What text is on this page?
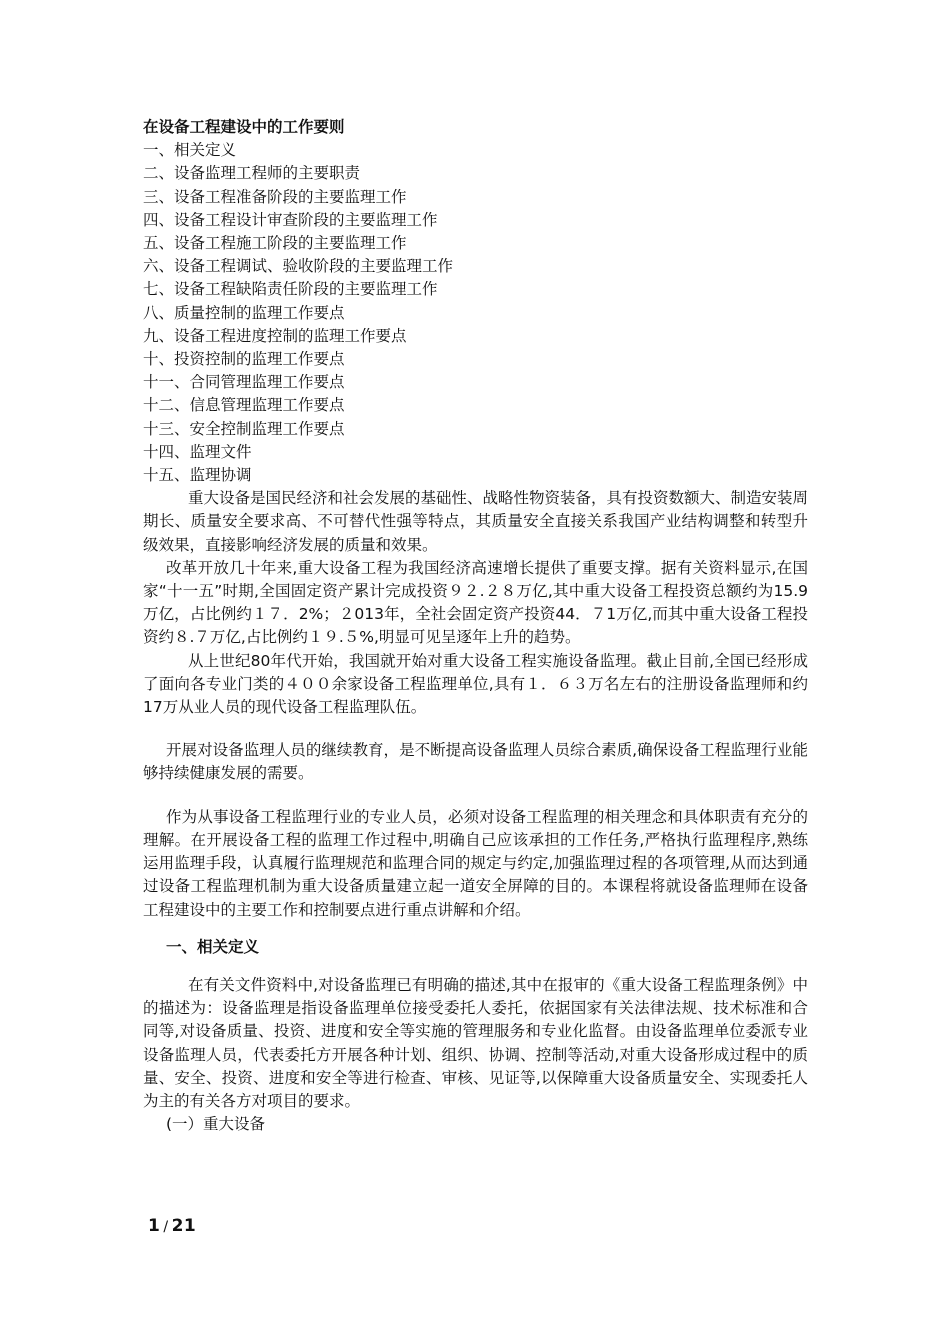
在设备工程建设中的工作要则

一、相关定义
二、设备监理工程师的主要职责
三、设备工程准备阶段的主要监理工作
四、设备工程设计审查阶段的主要监理工作
五、设备工程施工阶段的主要监理工作
六、设备工程调试、验收阶段的主要监理工作
七、设备工程缺陷责任阶段的主要监理工作
八、质量控制的监理工作要点
九、设备工程进度控制的监理工作要点
十、投资控制的监理工作要点
十一、合同管理监理工作要点
十二、信息管理监理工作要点
十三、安全控制监理工作要点
十四、监理文件
十五、监理协调

重大设备是国民经济和社会发展的基础性、战略性物资装备，具有投资数额大、制造安装周期长、质量安全要求高、不可替代性强等特点，其质量安全直接关系我国产业结构调整和转型升级效果，直接影响经济发展的质量和效果。

改革开放几十年来,重大设备工程为我国经济高速增长提供了重要支撑。据有关资料显示,在国家“十一五”时期,全国固定资产累计完成投资９２.２８万亿,其中重大设备工程投资总额约为15.9万亿，占比例约１７．2%；２013年，全社会固定资产投资44．７1万亿,而其中重大设备工程投资约８.７万亿,占比例约１９.５%,明显可见呈逐年上升的趋势。

从上世纪80年代开始，我国就开始对重大设备工程实施设备监理。截止目前,全国已经形成了面向各专业门类的４００余家设备工程监理单位,具有１．６３万名左右的注册设备监理师和约17万从业人员的现代设备工程监理队伍。

开展对设备监理人员的继续教育，是不断提高设备监理人员综合素质,确保设备工程监理行业能够持续健康发展的需要。

作为从事设备工程监理行业的专业人员，必须对设备工程监理的相关理念和具体职责有充分的理解。在开展设备工程的监理工作过程中,明确自己应该承担的工作任务,严格执行监理程序,熟练运用监理手段，认真履行监理规范和监理合同的规定与约定,加强监理过程的各项管理,从而达到通过设备工程监理机制为重大设备质量建立起一道安全屏障的目的。本课程将就设备监理师在设备工程建设中的主要工作和控制要点进行重点讲解和介绍。

一、相关定义

在有关文件资料中,对设备监理已有明确的描述,其中在报审的《重大设备工程监理条例》中的描述为：设备监理是指设备监理单位接受委托人委托，依据国家有关法律法规、技术标准和合同等,对设备质量、投资、进度和安全等实施的管理服务和专业化监督。由设备监理单位委派专业设备监理人员，代表委托方开展各种计划、组织、协调、控制等活动,对重大设备形成过程中的质量、安全、投资、进度和安全等进行检查、审核、见证等,以保障重大设备质量安全、实现委托人为主的有关各方对项目的要求。

(一）重大设备

1 / 21
